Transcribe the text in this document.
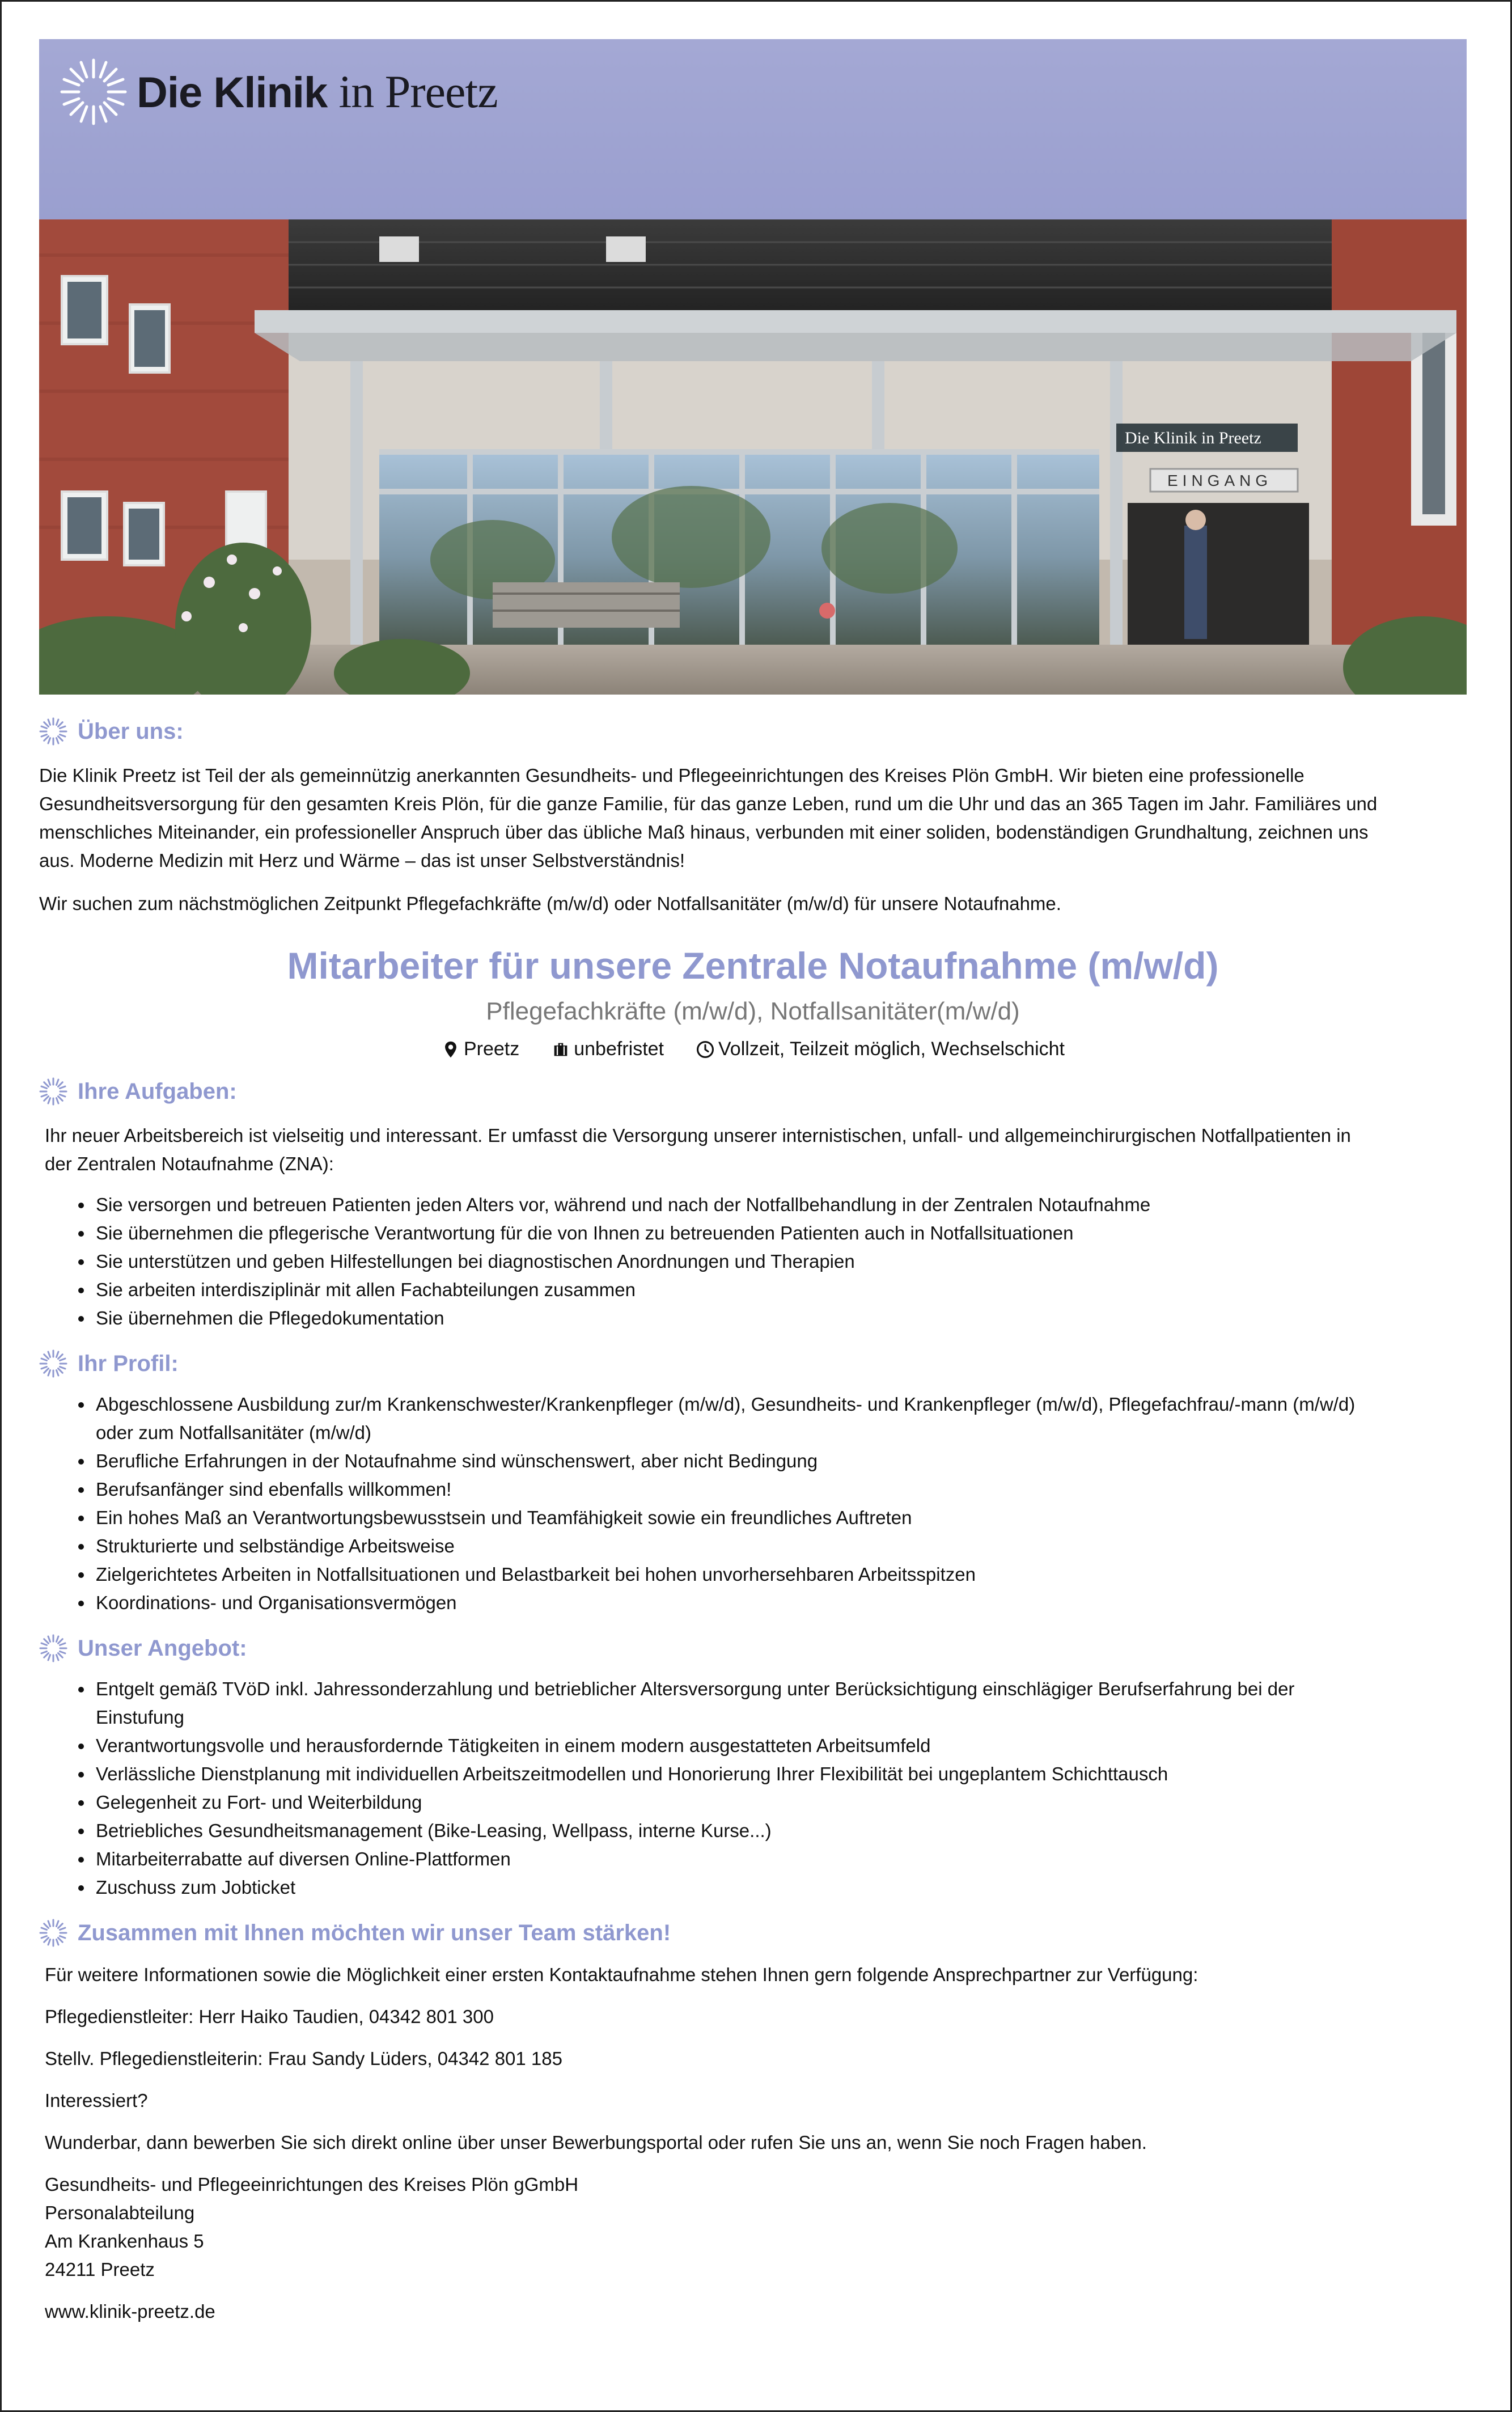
Die Klinik in Preetz
Die Klinik in Preetz
EINGANG
Über uns:

Die Klinik Preetz ist Teil der als gemeinnützig anerkannten Gesundheits- und Pflegeeinrichtungen des Kreises Plön GmbH. Wir bieten eine professionelle

Gesundheitsversorgung für den gesamten Kreis Plön, für die ganze Familie, für das ganze Leben, rund um die Uhr und das an 365 Tagen im Jahr. Familiäres und

menschliches Miteinander, ein professioneller Anspruch über das übliche Maß hinaus, verbunden mit einer soliden, bodenständigen Grundhaltung, zeichnen uns

aus. Moderne Medizin mit Herz und Wärme – das ist unser Selbstverständnis!

Wir suchen zum nächstmöglichen Zeitpunkt Pflegefachkräfte (m/w/d) oder Notfallsanitäter (m/w/d) für unsere Notaufnahme.

Mitarbeiter für unsere Zentrale Notaufnahme (m/w/d)

Pflegefachkräfte (m/w/d), Notfallsanitäter(m/w/d)

Preetz	unbefristet	Vollzeit, Teilzeit möglich, Wechselschicht
Ihre Aufgaben:

Ihr neuer Arbeitsbereich ist vielseitig und interessant. Er umfasst die Versorgung unserer internistischen, unfall- und allgemeinchirurgischen Notfallpatienten in

der Zentralen Notaufnahme (ZNA):

• Sie versorgen und betreuen Patienten jeden Alters vor, während und nach der Notfallbehandlung in der Zentralen Notaufnahme
• Sie übernehmen die pflegerische Verantwortung für die von Ihnen zu betreuenden Patienten auch in Notfallsituationen
• Sie unterstützen und geben Hilfestellungen bei diagnostischen Anordnungen und Therapien
• Sie arbeiten interdisziplinär mit allen Fachabteilungen zusammen
• Sie übernehmen die Pflegedokumentation
Ihr Profil:
• Abgeschlossene Ausbildung zur/m Krankenschwester/Krankenpfleger (m/w/d), Gesundheits- und Krankenpfleger (m/w/d), Pflegefachfrau/-mann (m/w/d)
oder zum Notfallsanitäter (m/w/d)
• Berufliche Erfahrungen in der Notaufnahme sind wünschenswert, aber nicht Bedingung
• Berufsanfänger sind ebenfalls willkommen!
• Ein hohes Maß an Verantwortungsbewusstsein und Teamfähigkeit sowie ein freundliches Auftreten
• Strukturierte und selbständige Arbeitsweise
• Zielgerichtetes Arbeiten in Notfallsituationen und Belastbarkeit bei hohen unvorhersehbaren Arbeitsspitzen
• Koordinations- und Organisationsvermögen
Unser Angebot:
• Entgelt gemäß TVöD inkl. Jahressonderzahlung und betrieblicher Altersversorgung unter Berücksichtigung einschlägiger Berufserfahrung bei der
Einstufung
• Verantwortungsvolle und herausfordernde Tätigkeiten in einem modern ausgestatteten Arbeitsumfeld
• Verlässliche Dienstplanung mit individuellen Arbeitszeitmodellen und Honorierung Ihrer Flexibilität bei ungeplantem Schichttausch
• Gelegenheit zu Fort- und Weiterbildung
• Betriebliches Gesundheitsmanagement (Bike-Leasing, Wellpass, interne Kurse...)
• Mitarbeiterrabatte auf diversen Online-Plattformen
• Zuschuss zum Jobticket
Zusammen mit Ihnen möchten wir unser Team stärken!

Für weitere Informationen sowie die Möglichkeit einer ersten Kontaktaufnahme stehen Ihnen gern folgende Ansprechpartner zur Verfügung:

Pflegedienstleiter: Herr Haiko Taudien, 04342 801 300

Stellv. Pflegedienstleiterin: Frau Sandy Lüders, 04342 801 185

Interessiert?

Wunderbar, dann bewerben Sie sich direkt online über unser Bewerbungsportal oder rufen Sie uns an, wenn Sie noch Fragen haben.

Gesundheits- und Pflegeeinrichtungen des Kreises Plön gGmbH

Personalabteilung

Am Krankenhaus 5

24211 Preetz

www.klinik-preetz.de
